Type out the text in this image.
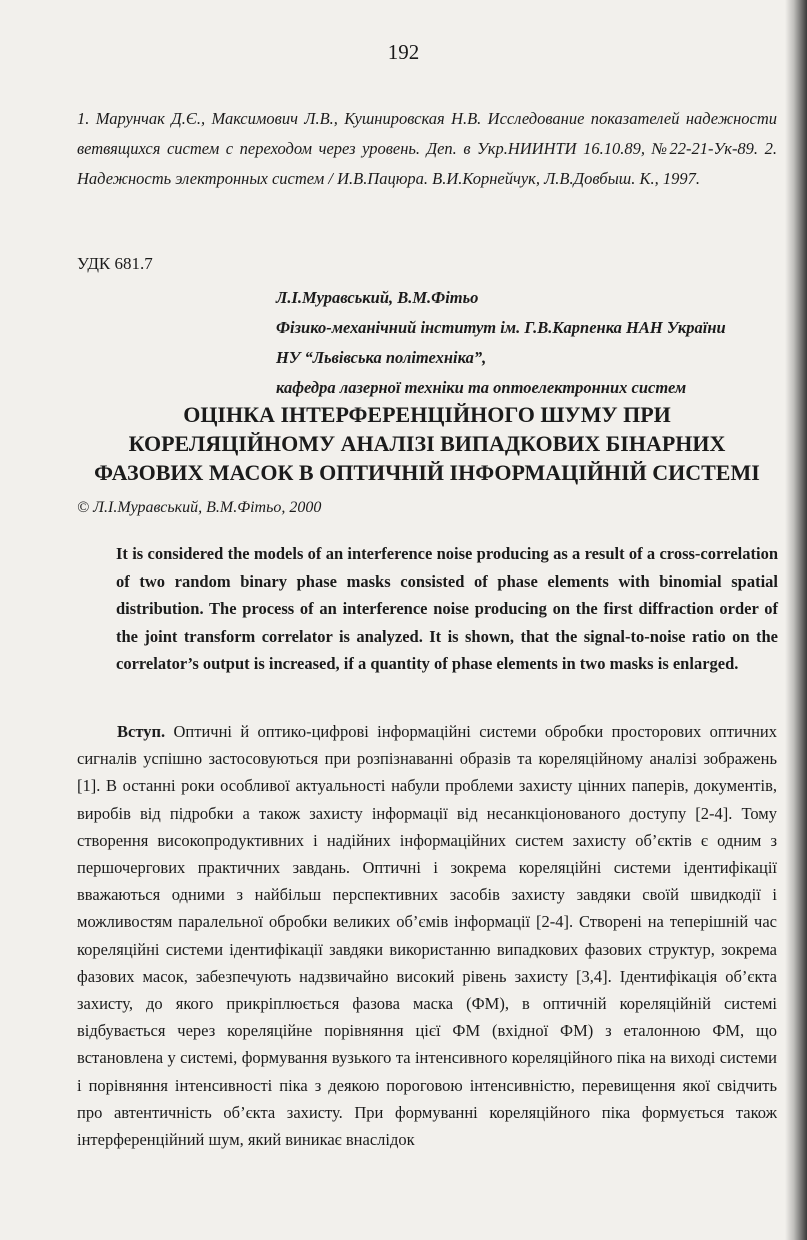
192
1. Марунчак Д.Є., Максимович Л.В., Кушнировская Н.В. Исследование показателей надежности ветвящихся систем с переходом через уровень. Деп. в Укр.НИИНТИ 16.10.89, №22-21-Ук-89. 2. Надежность электронных систем / И.В.Пацюра. В.И.Корнейчук, Л.В.Довбыш. К., 1997.
УДК 681.7
Л.І.Муравський, В.М.Фітьо
Фізико-механічний інститут ім. Г.В.Карпенка НАН України
НУ “Львівська політехніка”,
кафедра лазерної техніки та оптоелектронних систем
ОЦІНКА ІНТЕРФЕРЕНЦІЙНОГО ШУМУ ПРИ
КОРЕЛЯЦІЙНОМУ АНАЛІЗІ ВИПАДКОВИХ БІНАРНИХ
ФАЗОВИХ МАСОК В ОПТИЧНІЙ ІНФОРМАЦІЙНІЙ СИСТЕМІ
© Л.І.Муравський, В.М.Фітьо, 2000
It is considered the models of an interference noise producing as a result of a cross-correlation of two random binary phase masks consisted of phase elements with binomial spatial distribution. The process of an interference noise producing on the first diffraction order of the joint transform correlator is analyzed. It is shown, that the signal-to-noise ratio on the correlator’s output is increased, if a quantity of phase elements in two masks is enlarged.
Вступ. Оптичні й оптико-цифрові інформаційні системи обробки просторових оптичних сигналів успішно застосовуються при розпізнаванні образів та кореляційному аналізі зображень [1]. В останні роки особливої актуальності набули проблеми захисту цінних паперів, документів, виробів від підробки а також захисту інформації від несанкціонованого доступу [2-4]. Тому створення високопродуктивних і надійних інформаційних систем захисту об’єктів є одним з першочергових практичних завдань. Оптичні і зокрема кореляційні системи ідентифікації вважаються одними з найбільш перспективних засобів захисту завдяки своїй швидкодії і можливостям паралельної обробки великих об’ємів інформації [2-4]. Створені на теперішній час кореляційні системи ідентифікації завдяки використанню випадкових фазових структур, зокрема фазових масок, забезпечують надзвичайно високий рівень захисту [3,4]. Ідентифікація об’єкта захисту, до якого прикріплюється фазова маска (ФМ), в оптичній кореляційній системі відбувається через кореляційне порівняння цієї ФМ (вхідної ФМ) з еталонною ФМ, що встановлена у системі, формування вузького та інтенсивного кореляційного піка на виході системи і порівняння інтенсивності піка з деякою пороговою інтенсивністю, перевищення якої свідчить про автентичність об’єкта захисту. При формуванні кореляційного піка формується також інтерференційний шум, який виникає внаслідок
